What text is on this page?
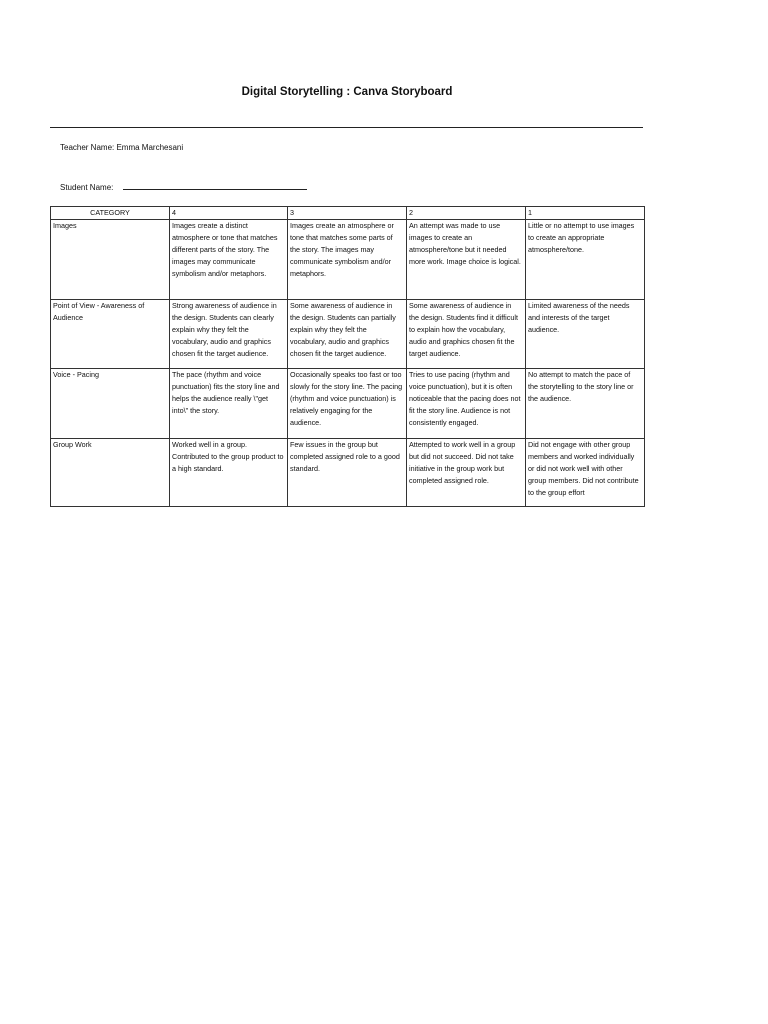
Digital Storytelling : Canva Storyboard
Teacher Name: Emma Marchesani
Student Name:
CATEGORY	4	3	2	1
Images	Images create a distinct atmosphere or tone that matches different parts of the story. The images may communicate symbolism and/or metaphors.	Images create an atmosphere or tone that matches some parts of the story. The images may communicate symbolism and/or metaphors.	An attempt was made to use images to create an atmosphere/tone but it needed more work. Image choice is logical.	Little or no attempt to use images to create an appropriate atmosphere/tone.
Point of View - Awareness of Audience	Strong awareness of audience in the design. Students can clearly explain why they felt the vocabulary, audio and graphics chosen fit the target audience.	Some awareness of audience in the design. Students can partially explain why they felt the vocabulary, audio and graphics chosen fit the target audience.	Some awareness of audience in the design. Students find it difficult to explain how the vocabulary, audio and graphics chosen fit the target audience.	Limited awareness of the needs and interests of the target audience.
Voice - Pacing	The pace (rhythm and voice punctuation) fits the story line and helps the audience really \"get into\" the story.	Occasionally speaks too fast or too slowly for the story line. The pacing (rhythm and voice punctuation) is relatively engaging for the audience.	Tries to use pacing (rhythm and voice punctuation), but it is often noticeable that the pacing does not fit the story line. Audience is not consistently engaged.	No attempt to match the pace of the storytelling to the story line or the audience.
Group Work	Worked well in a group. Contributed to the group product to a high standard.	Few issues in the group but completed assigned role to a good standard.	Attempted to work well in a group but did not succeed. Did not take initiative in the group work but completed assigned role.	Did not engage with other group members and worked individually or did not work well with other group members. Did not contribute to the group effort
